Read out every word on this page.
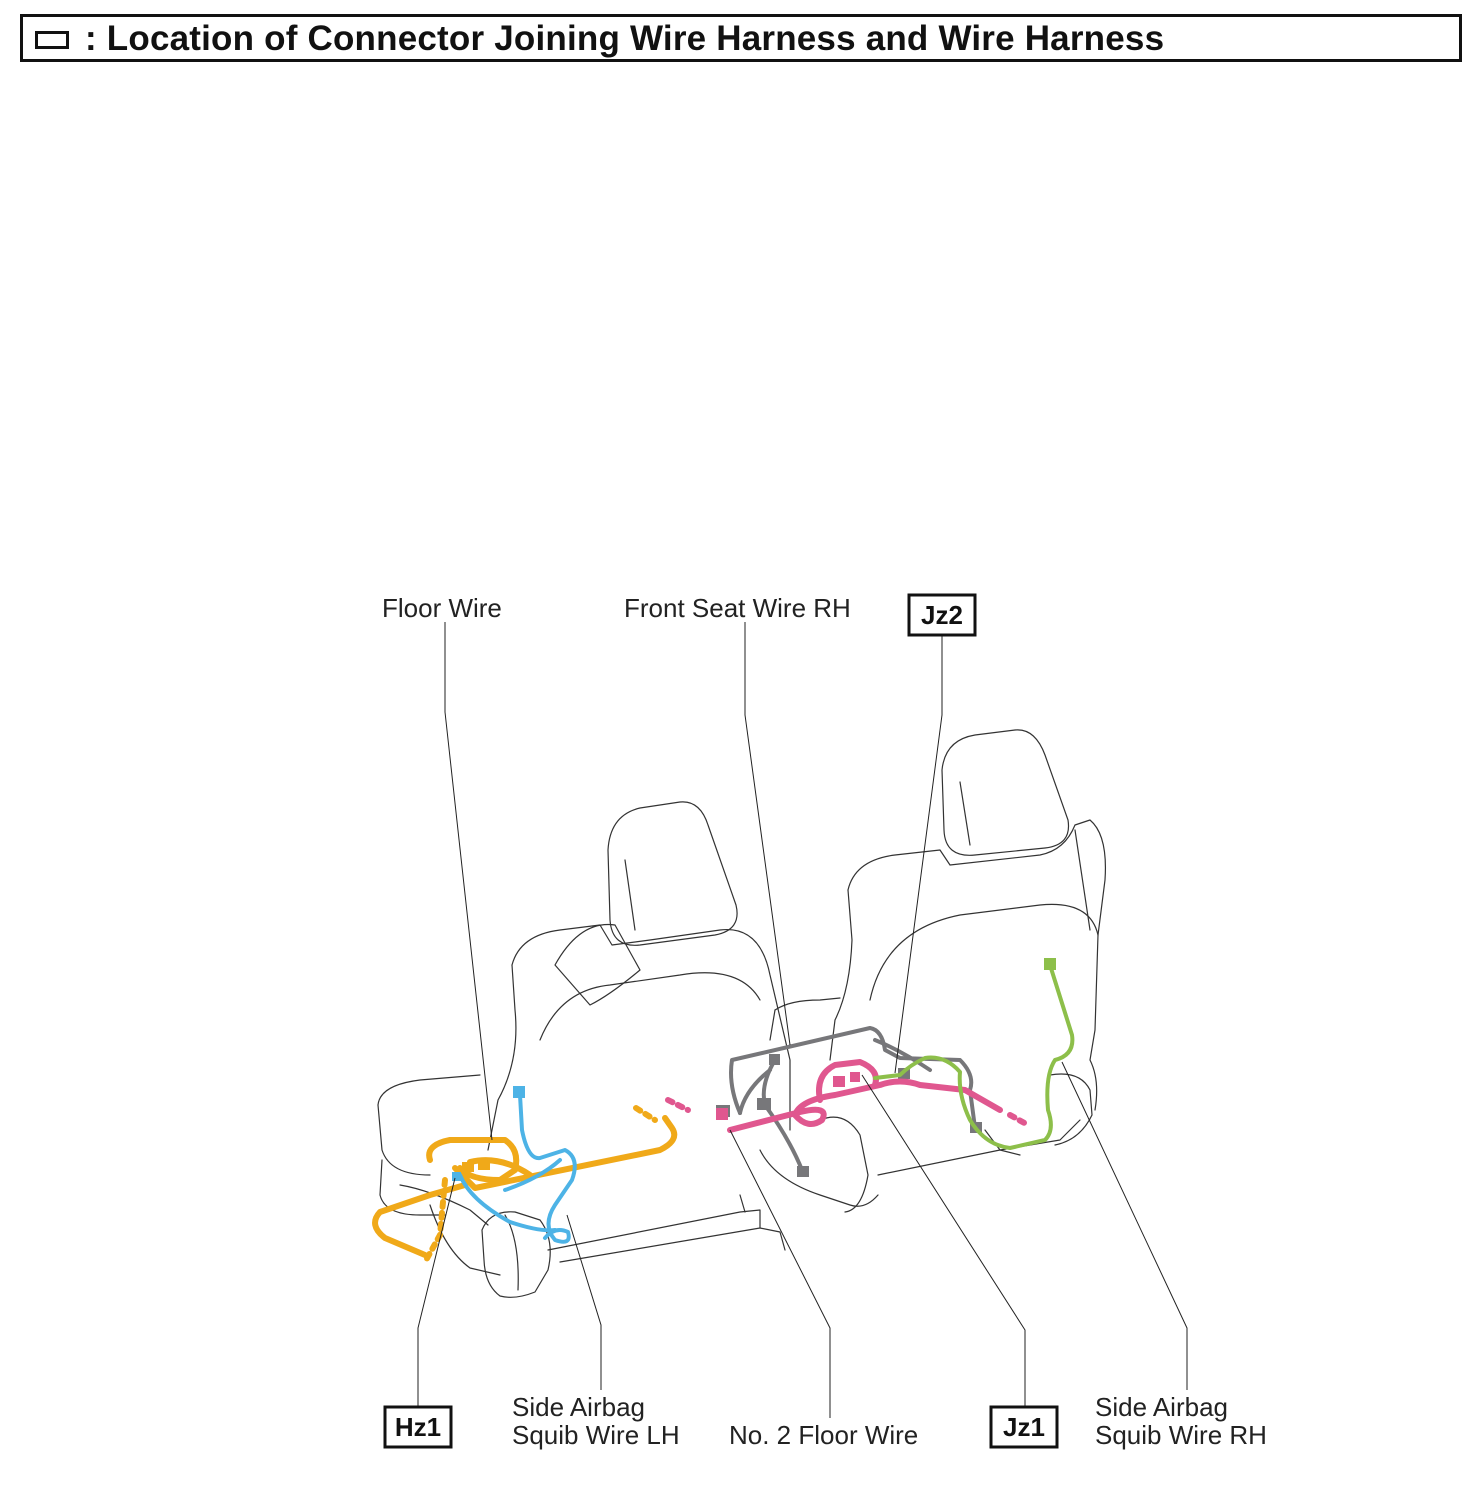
: Location of Connector Joining Wire Harness and Wire Harness
Floor Wire	Front Seat Wire RH	Jz2
Hz1
Side Airbag
Squib Wire LH No. 2 Floor Wire	Jz1
Side Airbag
Squib Wire RH
